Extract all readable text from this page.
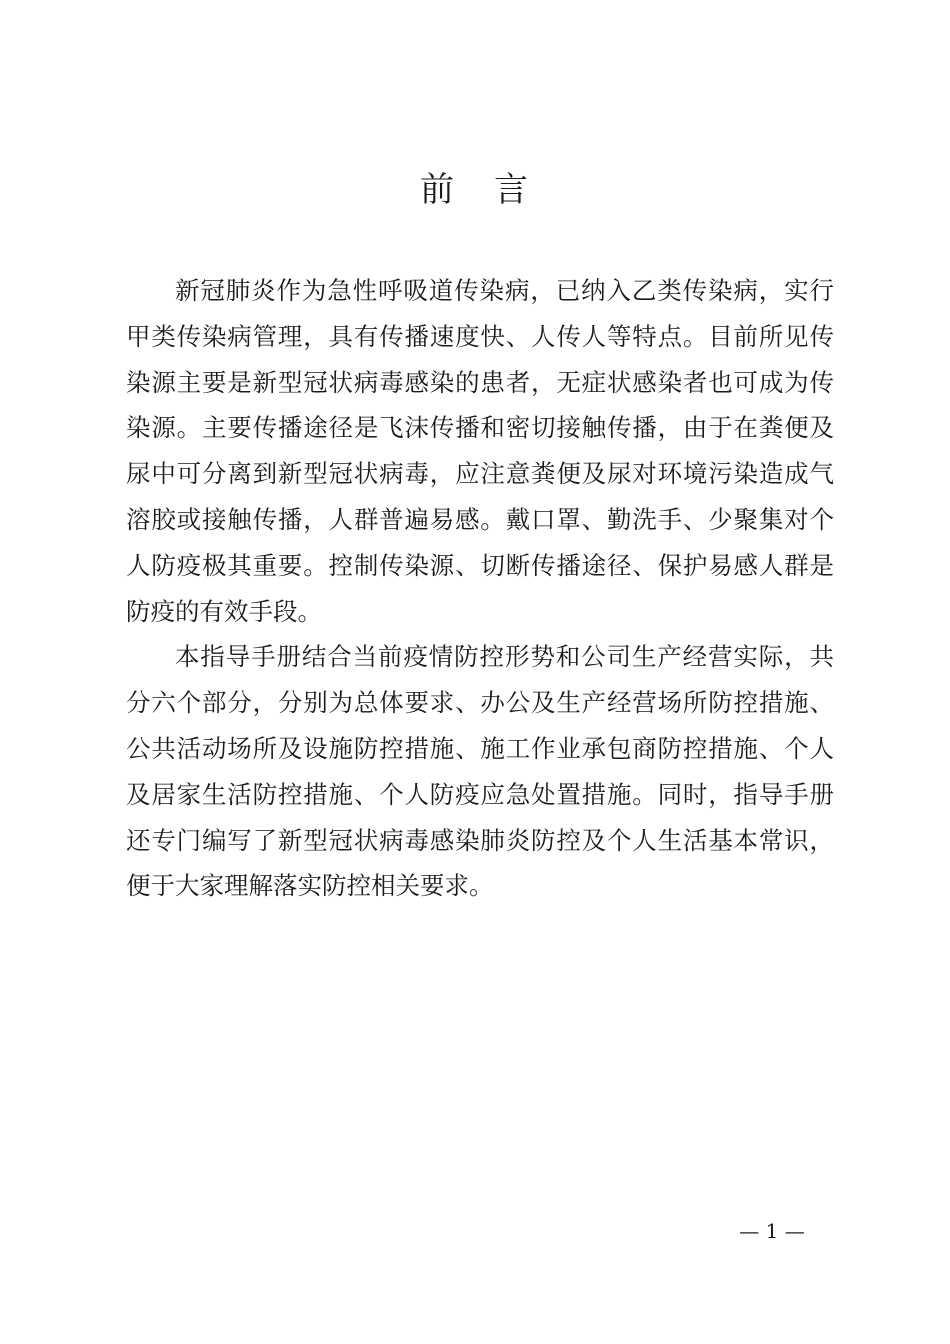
前 言

新冠肺炎作为急性呼吸道传染病，已纳入乙类传染病，实行甲类传染病管理，具有传播速度快、人传人等特点。目前所见传染源主要是新型冠状病毒感染的患者，无症状感染者也可成为传染源。主要传播途径是飞沫传播和密切接触传播，由于在粪便及尿中可分离到新型冠状病毒，应注意粪便及尿对环境污染造成气溶胶或接触传播，人群普遍易感。戴口罩、勤洗手、少聚集对个人防疫极其重要。控制传染源、切断传播途径、保护易感人群是防疫的有效手段。

本指导手册结合当前疫情防控形势和公司生产经营实际，共分六个部分，分别为总体要求、办公及生产经营场所防控措施、公共活动场所及设施防控措施、施工作业承包商防控措施、个人及居家生活防控措施、个人防疫应急处置措施。同时，指导手册还专门编写了新型冠状病毒感染肺炎防控及个人生活基本常识，便于大家理解落实防控相关要求。

— 1 —
